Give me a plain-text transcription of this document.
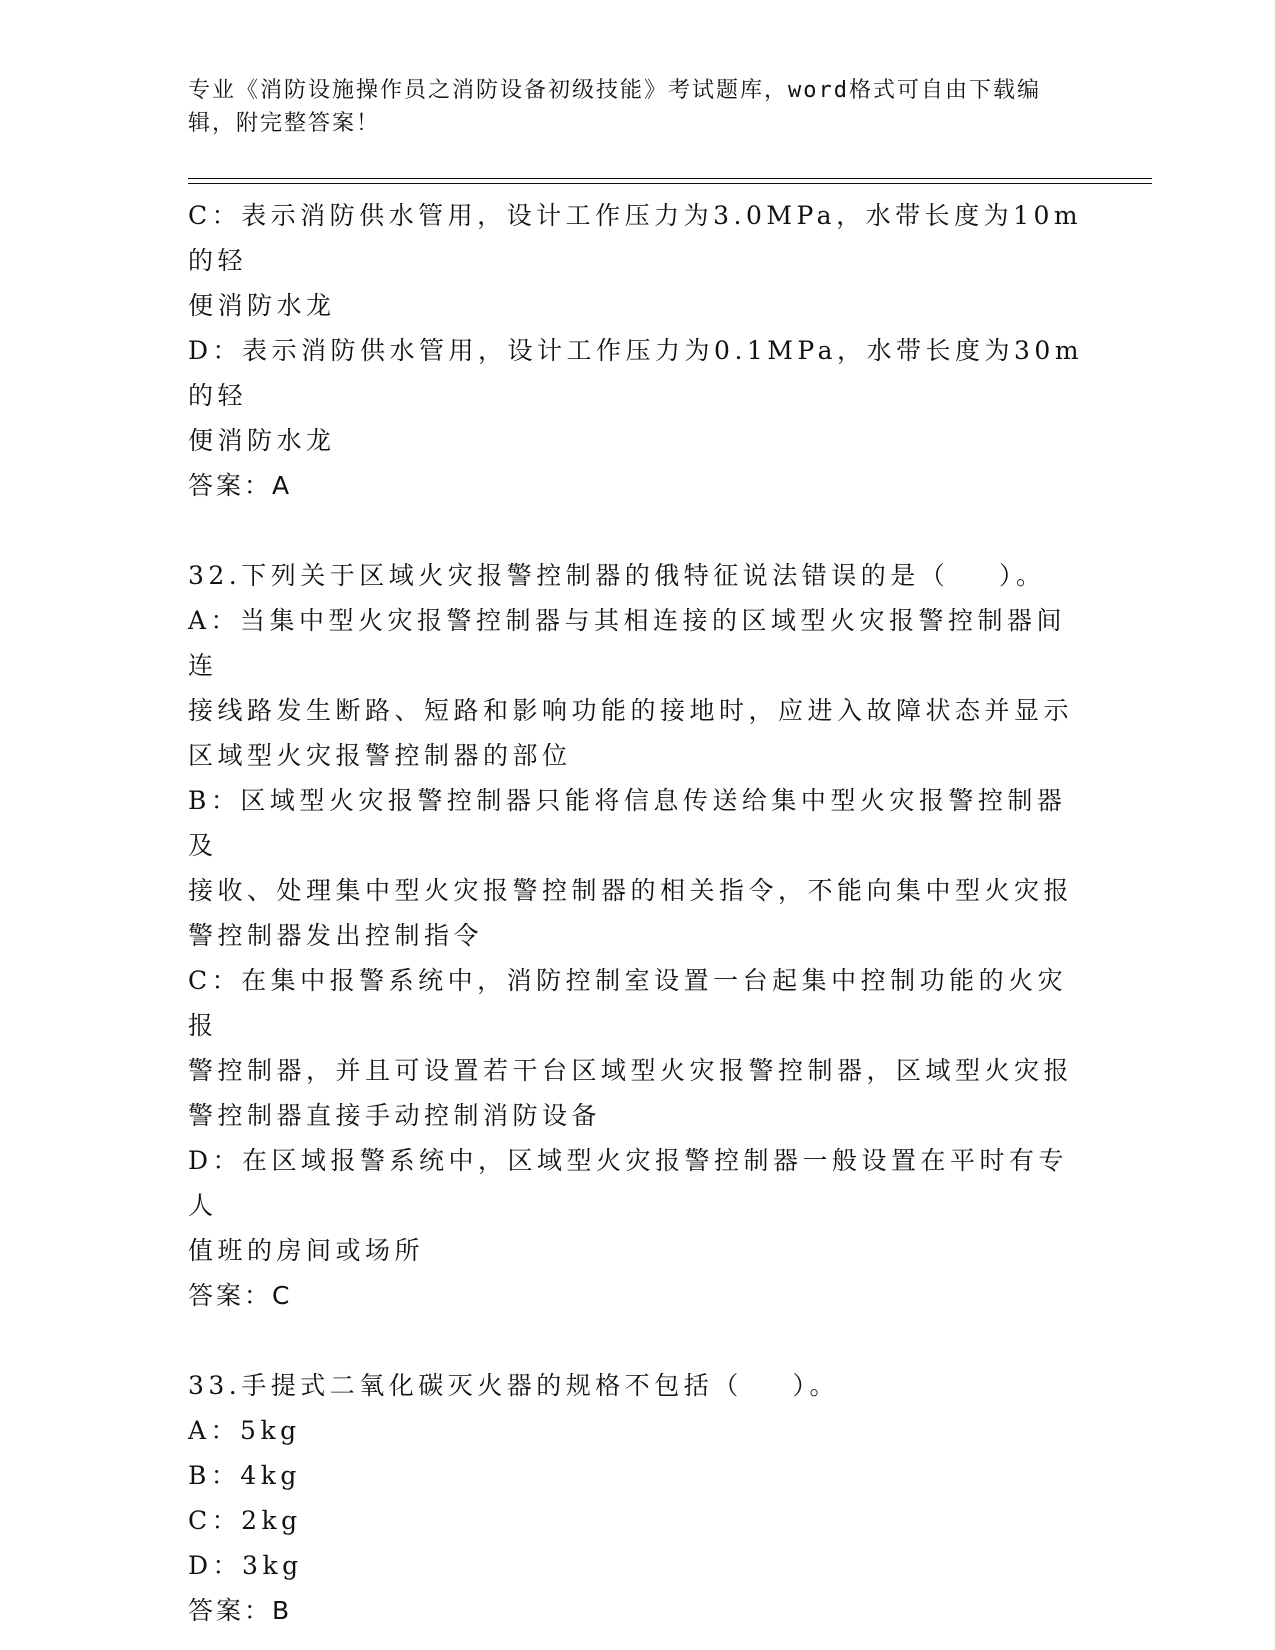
专业《消防设施操作员之消防设备初级技能》考试题库，word格式可自由下载编辑，附完整答案！
C：表示消防供水管用，设计工作压力为3.0MPa，水带长度为10m的轻
便消防水龙
D：表示消防供水管用，设计工作压力为0.1MPa，水带长度为30m的轻
便消防水龙
答案：A
32.下列关于区域火灾报警控制器的俄特征说法错误的是（    ）。
A：当集中型火灾报警控制器与其相连接的区域型火灾报警控制器间连
接线路发生断路、短路和影响功能的接地时，应进入故障状态并显示
区域型火灾报警控制器的部位
B：区域型火灾报警控制器只能将信息传送给集中型火灾报警控制器及
接收、处理集中型火灾报警控制器的相关指令，不能向集中型火灾报
警控制器发出控制指令
C：在集中报警系统中，消防控制室设置一台起集中控制功能的火灾报
警控制器，并且可设置若干台区域型火灾报警控制器，区域型火灾报
警控制器直接手动控制消防设备
D：在区域报警系统中，区域型火灾报警控制器一般设置在平时有专人
值班的房间或场所
答案：C
33.手提式二氧化碳灭火器的规格不包括（    ）。
A：5kg
B：4kg
C：2kg
D：3kg
答案：B
